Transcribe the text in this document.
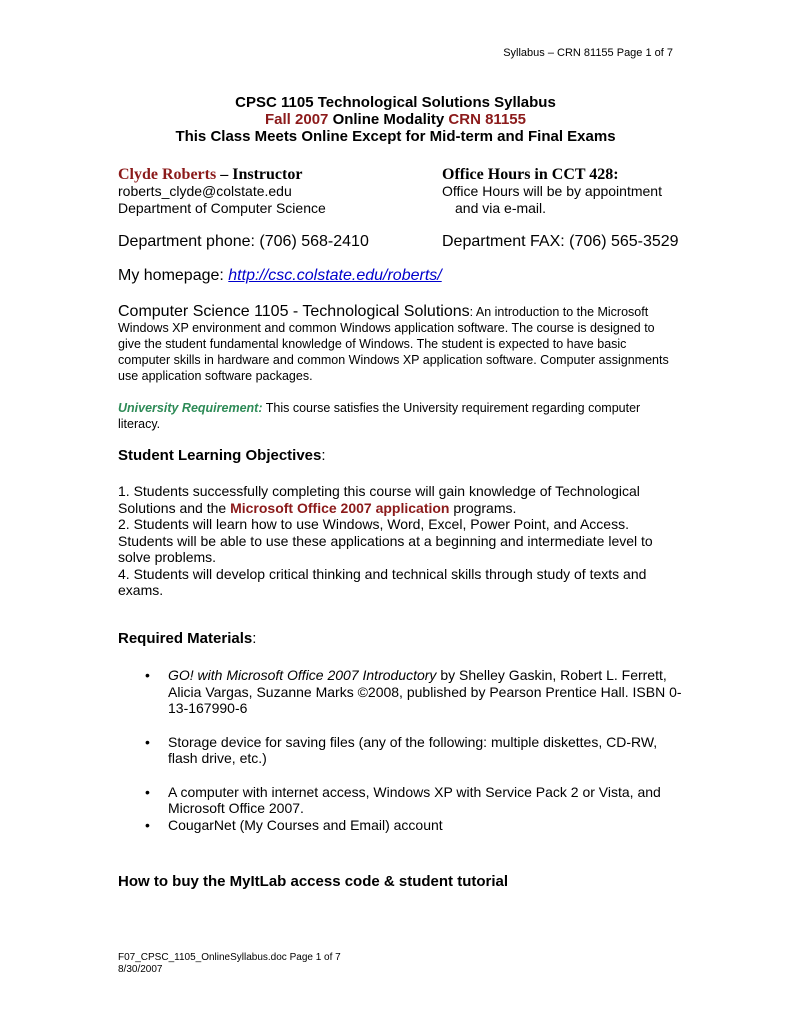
Syllabus – CRN 81155 Page 1 of 7
CPSC 1105 Technological Solutions Syllabus
Fall 2007 Online Modality CRN 81155
This Class Meets Online Except for Mid-term and Final Exams
Clyde Roberts – Instructor
roberts_clyde@colstate.edu
Department of Computer Science
Office Hours in CCT 428:
Office Hours will be by appointment
and via e-mail.
Department phone: (706) 568-2410	Department FAX: (706) 565-3529
My homepage: http://csc.colstate.edu/roberts/
Computer Science 1105 - Technological Solutions: An introduction to the Microsoft Windows XP environment and common Windows application software. The course is designed to give the student fundamental knowledge of Windows. The student is expected to have basic computer skills in hardware and common Windows XP application software. Computer assignments use application software packages.
University Requirement: This course satisfies the University requirement regarding computer literacy.
Student Learning Objectives:
1. Students successfully completing this course will gain knowledge of Technological Solutions and the Microsoft Office 2007 application programs.
2. Students will learn how to use Windows, Word, Excel, Power Point, and Access. Students will be able to use these applications at a beginning and intermediate level to solve problems.
4. Students will develop critical thinking and technical skills through study of texts and exams.
Required Materials:
• GO! with Microsoft Office 2007 Introductory by Shelley Gaskin, Robert L. Ferrett, Alicia Vargas, Suzanne Marks ©2008, published by Pearson Prentice Hall. ISBN 0-13-167990-6
• Storage device for saving files (any of the following: multiple diskettes, CD-RW, flash drive, etc.)
• A computer with internet access, Windows XP with Service Pack 2 or Vista, and Microsoft Office 2007.
• CougarNet (My Courses and Email) account
How to buy the MyItLab access code & student tutorial
F07_CPSC_1105_OnlineSyllabus.doc Page 1 of 7
8/30/2007
